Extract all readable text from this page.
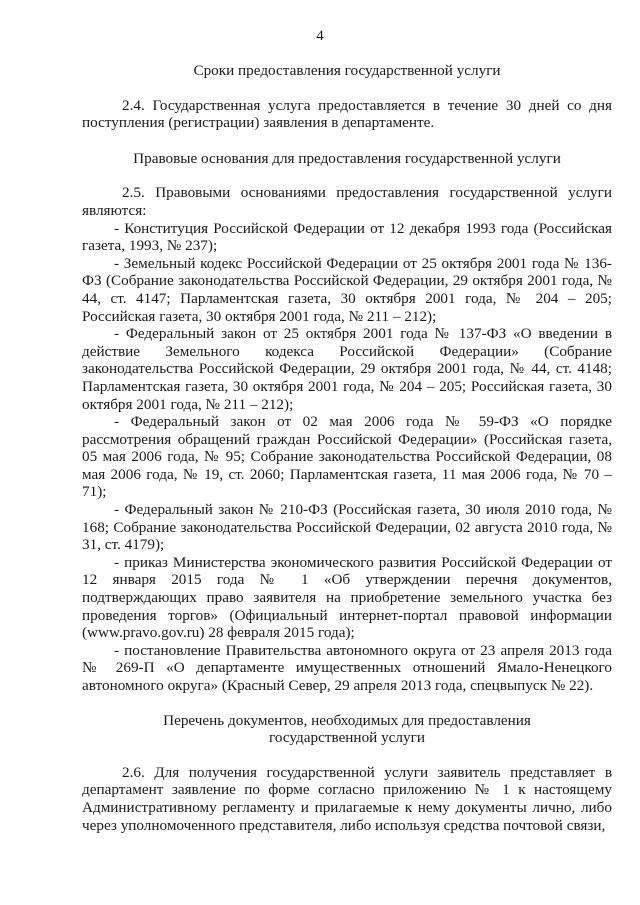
4
Сроки предоставления государственной услуги

2.4. Государственная услуга предоставляется в течение 30 дней со дня поступления (регистрации) заявления в департаменте.

Правовые основания для предоставления государственной услуги

2.5. Правовыми основаниями предоставления государственной услуги являются:

- Конституция Российской Федерации от 12 декабря 1993 года (Российская газета, 1993, № 237);

- Земельный кодекс Российской Федерации от 25 октября 2001 года № 136-ФЗ (Собрание законодательства Российской Федерации, 29 октября 2001 года, № 44, ст. 4147; Парламентская газета, 30 октября 2001 года, № 204 – 205; Российская газета, 30 октября 2001 года, № 211 – 212);

- Федеральный закон от 25 октября 2001 года № 137-ФЗ «О введении в действие Земельного кодекса Российской Федерации» (Собрание законодательства Российской Федерации, 29 октября 2001 года, № 44, ст. 4148; Парламентская газета, 30 октября 2001 года, № 204 – 205; Российская газета, 30 октября 2001 года, № 211 – 212);

- Федеральный закон от 02 мая 2006 года № 59-ФЗ «О порядке рассмотрения обращений граждан Российской Федерации» (Российская газета, 05 мая 2006 года, № 95; Собрание законодательства Российской Федерации, 08 мая 2006 года, № 19, ст. 2060; Парламентская газета, 11 мая 2006 года, № 70 – 71);

- Федеральный закон № 210-ФЗ (Российская газета, 30 июля 2010 года, № 168; Собрание законодательства Российской Федерации, 02 августа 2010 года, № 31, ст. 4179);

- приказ Министерства экономического развития Российской Федерации от 12 января 2015 года № 1 «Об утверждении перечня документов, подтверждающих право заявителя на приобретение земельного участка без проведения торгов» (Официальный интернет-портал правовой информации (www.pravo.gov.ru) 28 февраля 2015 года);

- постановление Правительства автономного округа от 23 апреля 2013 года № 269-П «О департаменте имущественных отношений Ямало-Ненецкого автономного округа» (Красный Север, 29 апреля 2013 года, спецвыпуск № 22).

Перечень документов, необходимых для предоставления
государственной услуги

2.6. Для получения государственной услуги заявитель представляет в департамент заявление по форме согласно приложению № 1 к настоящему Административному регламенту и прилагаемые к нему документы лично, либо через уполномоченного представителя, либо используя средства почтовой связи,
